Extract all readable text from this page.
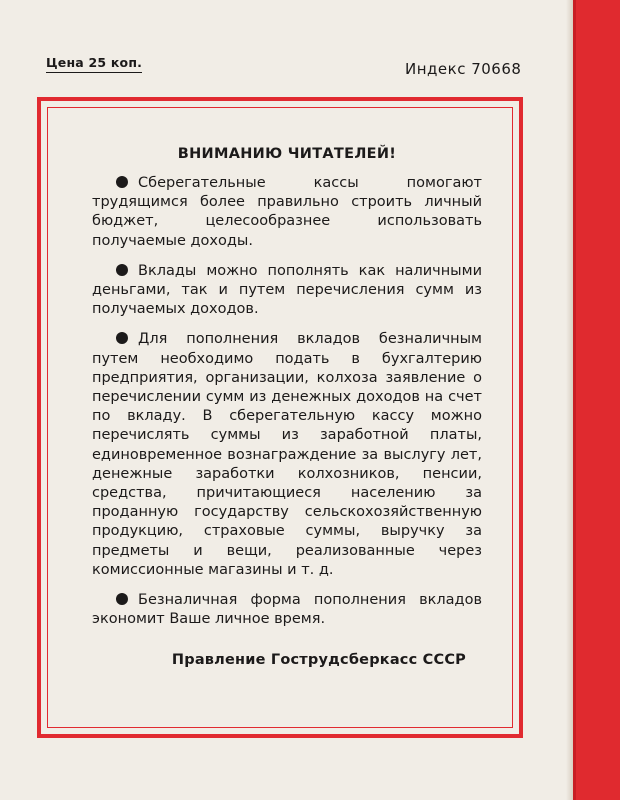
Цена 25 коп.	Индекс 70668
ВНИМАНИЮ ЧИТАТЕЛЕЙ!

Сберегательные кассы помогают трудящимся более правильно строить личный бюджет, целесообразнее использовать получаемые доходы.

Вклады можно пополнять как наличными деньгами, так и путем перечисления сумм из получаемых доходов.

Для пополнения вкладов безналичным путем необходимо подать в бухгалтерию предприятия, организации, колхоза заявление о перечислении сумм из денежных доходов на счет по вкладу. В сберегательную кассу можно перечислять суммы из заработной платы, единовременное вознаграждение за выслугу лет, денежные заработки колхозников, пенсии, средства, причитающиеся населению за проданную государству сельскохозяйственную продукцию, страховые суммы, выручку за предметы и вещи, реализованные через комиссионные магазины и т. д.

Безналичная форма пополнения вкладов экономит Ваше личное время.

Правление Гострудсберкасс СССР
